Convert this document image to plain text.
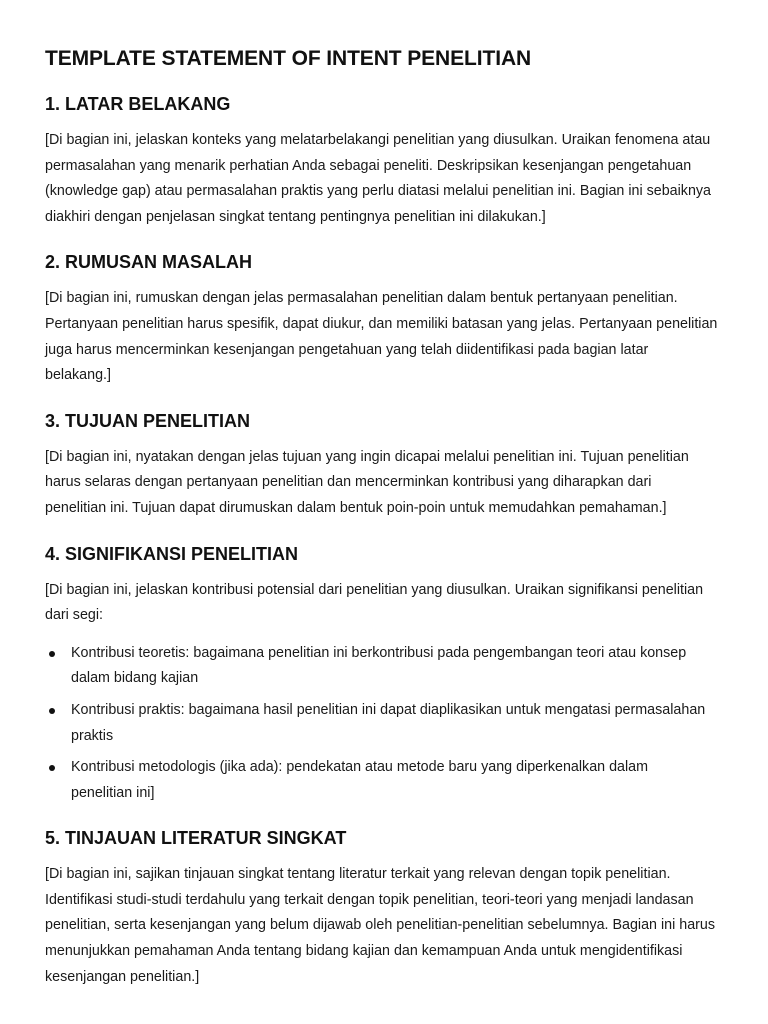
TEMPLATE STATEMENT OF INTENT PENELITIAN
1. LATAR BELAKANG
[Di bagian ini, jelaskan konteks yang melatarbelakangi penelitian yang diusulkan. Uraikan fenomena atau
permasalahan yang menarik perhatian Anda sebagai peneliti. Deskripsikan kesenjangan pengetahuan
(knowledge gap) atau permasalahan praktis yang perlu diatasi melalui penelitian ini. Bagian ini sebaiknya
diakhiri dengan penjelasan singkat tentang pentingnya penelitian ini dilakukan.]
2. RUMUSAN MASALAH
[Di bagian ini, rumuskan dengan jelas permasalahan penelitian dalam bentuk pertanyaan penelitian.
Pertanyaan penelitian harus spesifik, dapat diukur, dan memiliki batasan yang jelas. Pertanyaan penelitian
juga harus mencerminkan kesenjangan pengetahuan yang telah diidentifikasi pada bagian latar
belakang.]
3. TUJUAN PENELITIAN
[Di bagian ini, nyatakan dengan jelas tujuan yang ingin dicapai melalui penelitian ini. Tujuan penelitian
harus selaras dengan pertanyaan penelitian dan mencerminkan kontribusi yang diharapkan dari
penelitian ini. Tujuan dapat dirumuskan dalam bentuk poin-poin untuk memudahkan pemahaman.]
4. SIGNIFIKANSI PENELITIAN
[Di bagian ini, jelaskan kontribusi potensial dari penelitian yang diusulkan. Uraikan signifikansi penelitian
dari segi:
Kontribusi teoretis: bagaimana penelitian ini berkontribusi pada pengembangan teori atau konsep
dalam bidang kajian
Kontribusi praktis: bagaimana hasil penelitian ini dapat diaplikasikan untuk mengatasi permasalahan
praktis
Kontribusi metodologis (jika ada): pendekatan atau metode baru yang diperkenalkan dalam
penelitian ini]
5. TINJAUAN LITERATUR SINGKAT
[Di bagian ini, sajikan tinjauan singkat tentang literatur terkait yang relevan dengan topik penelitian.
Identifikasi studi-studi terdahulu yang terkait dengan topik penelitian, teori-teori yang menjadi landasan
penelitian, serta kesenjangan yang belum dijawab oleh penelitian-penelitian sebelumnya. Bagian ini harus
menunjukkan pemahaman Anda tentang bidang kajian dan kemampuan Anda untuk mengidentifikasi
kesenjangan penelitian.]
